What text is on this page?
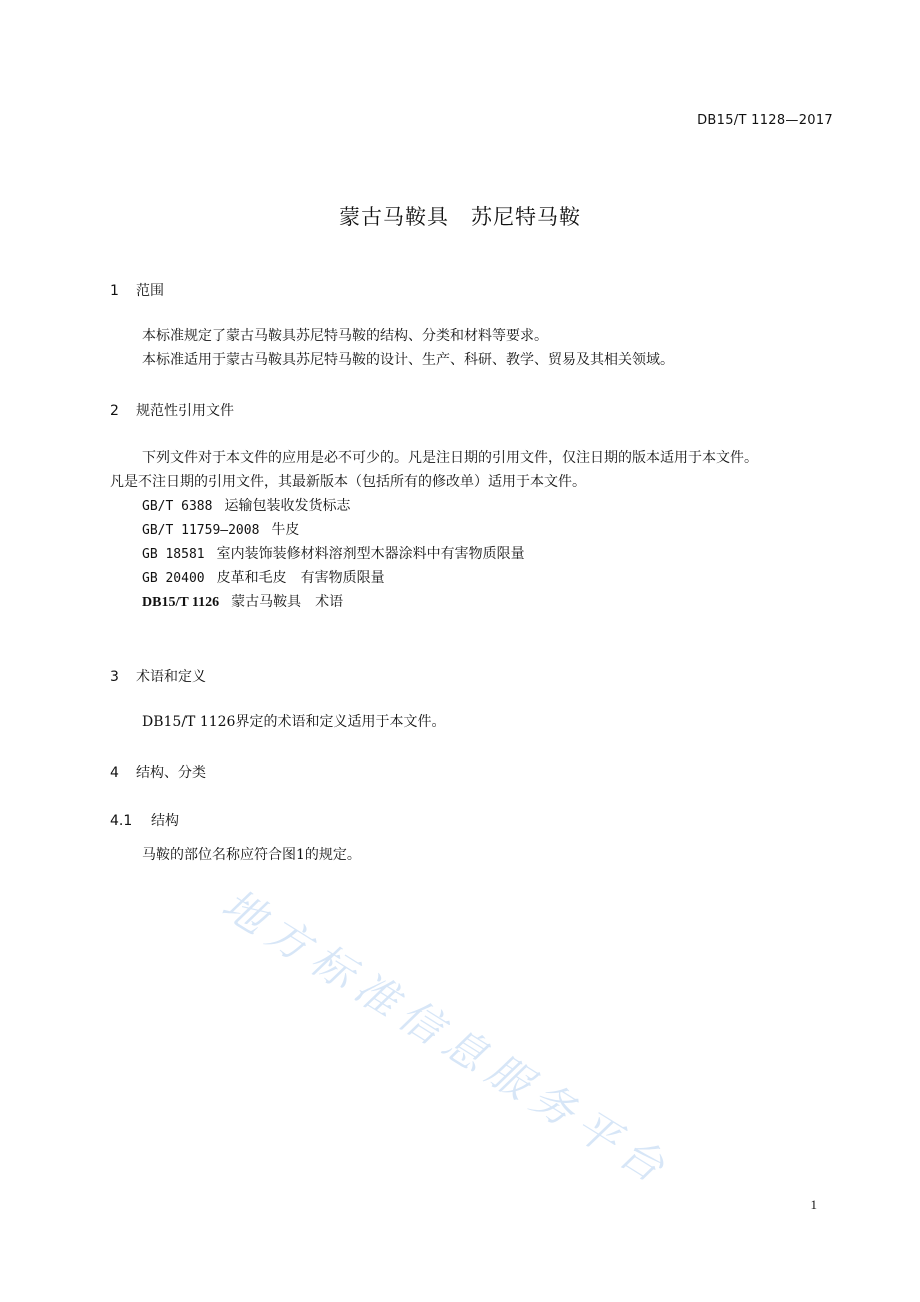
DB15/T 1128—2017
蒙古马鞍具　苏尼特马鞍
1 范围
本标准规定了蒙古马鞍具苏尼特马鞍的结构、分类和材料等要求。
本标准适用于蒙古马鞍具苏尼特马鞍的设计、生产、科研、教学、贸易及其相关领域。
2 规范性引用文件
下列文件对于本文件的应用是必不可少的。凡是注日期的引用文件，仅注日期的版本适用于本文件。
凡是不注日期的引用文件，其最新版本（包括所有的修改单）适用于本文件。
GB/T 6388 运输包装收发货标志
GB/T 11759—2008 牛皮
GB 18581 室内装饰装修材料溶剂型木器涂料中有害物质限量
GB 20400 皮革和毛皮　有害物质限量
DB15/T 1126 蒙古马鞍具　术语
3 术语和定义
DB15/T 1126界定的术语和定义适用于本文件。
4 结构、分类
4.1 结构
马鞍的部位名称应符合图1的规定。
地方标准信息服务平台
1
